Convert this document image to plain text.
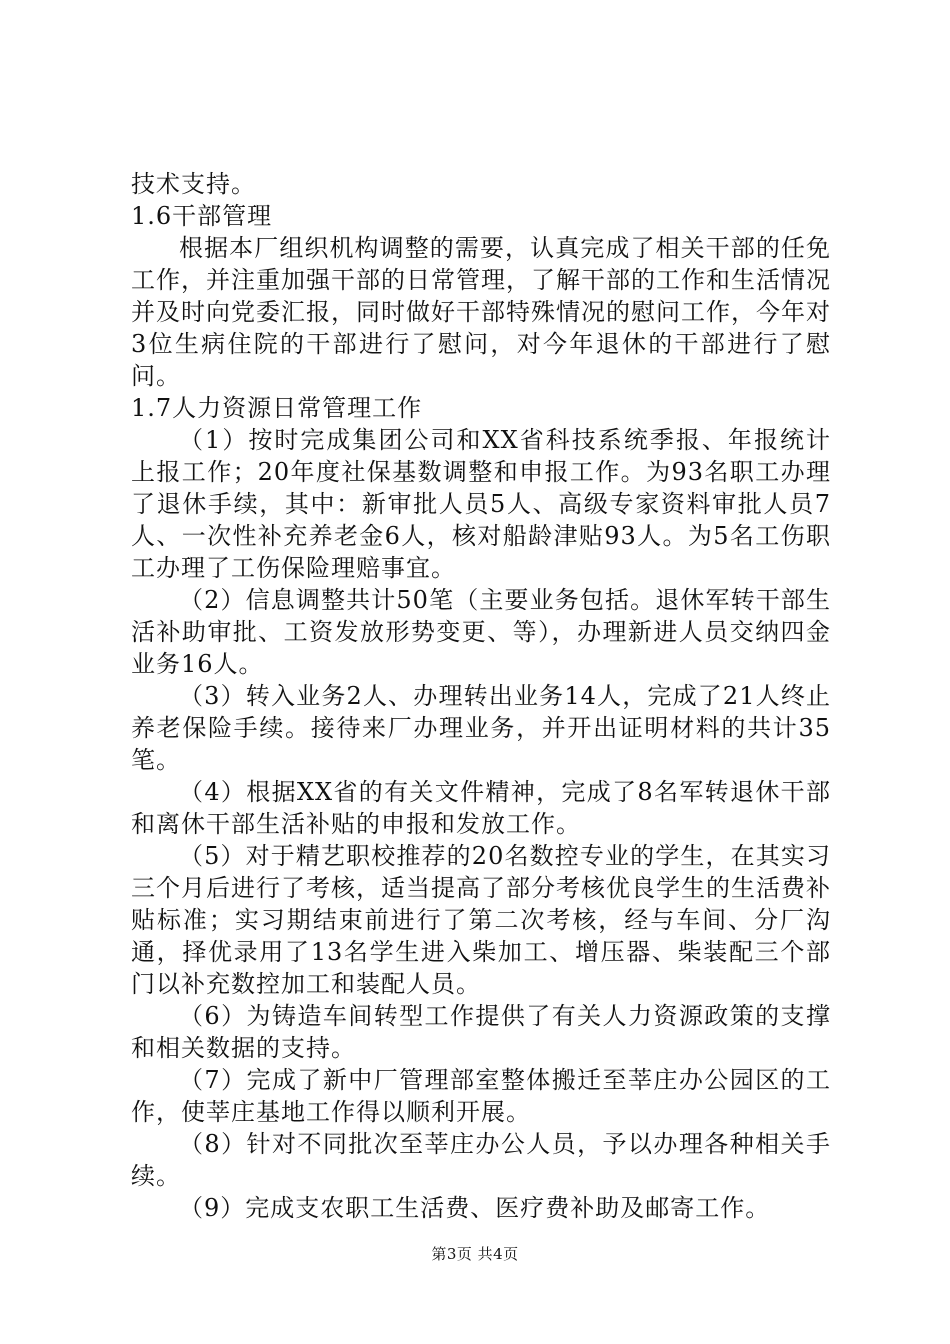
技术支持。

1.6干部管理

根据本厂组织机构调整的需要，认真完成了相关干部的任免工作，并注重加强干部的日常管理，了解干部的工作和生活情况并及时向党委汇报，同时做好干部特殊情况的慰问工作，今年对3位生病住院的干部进行了慰问，对今年退休的干部进行了慰问。

1.7人力资源日常管理工作

（1）按时完成集团公司和XX省科技系统季报、年报统计上报工作；20年度社保基数调整和申报工作。为93名职工办理了退休手续，其中：新审批人员5人、高级专家资料审批人员7人、一次性补充养老金6人，核对船龄津贴93人。为5名工伤职工办理了工伤保险理赔事宜。

（2）信息调整共计50笔（主要业务包括。退休军转干部生活补助审批、工资发放形势变更、等），办理新进人员交纳四金业务16人。

（3）转入业务2人、办理转出业务14人，完成了21人终止养老保险手续。接待来厂办理业务，并开出证明材料的共计35笔。

（4）根据XX省的有关文件精神，完成了8名军转退休干部和离休干部生活补贴的申报和发放工作。

（5）对于精艺职校推荐的20名数控专业的学生，在其实习三个月后进行了考核，适当提高了部分考核优良学生的生活费补贴标准；实习期结束前进行了第二次考核，经与车间、分厂沟通，择优录用了13名学生进入柴加工、增压器、柴装配三个部门以补充数控加工和装配人员。

（6）为铸造车间转型工作提供了有关人力资源政策的支撑和相关数据的支持。

（7）完成了新中厂管理部室整体搬迁至莘庄办公园区的工作，使莘庄基地工作得以顺利开展。

（8）针对不同批次至莘庄办公人员，予以办理各种相关手续。

（9）完成支农职工生活费、医疗费补助及邮寄工作。

第3页 共4页
